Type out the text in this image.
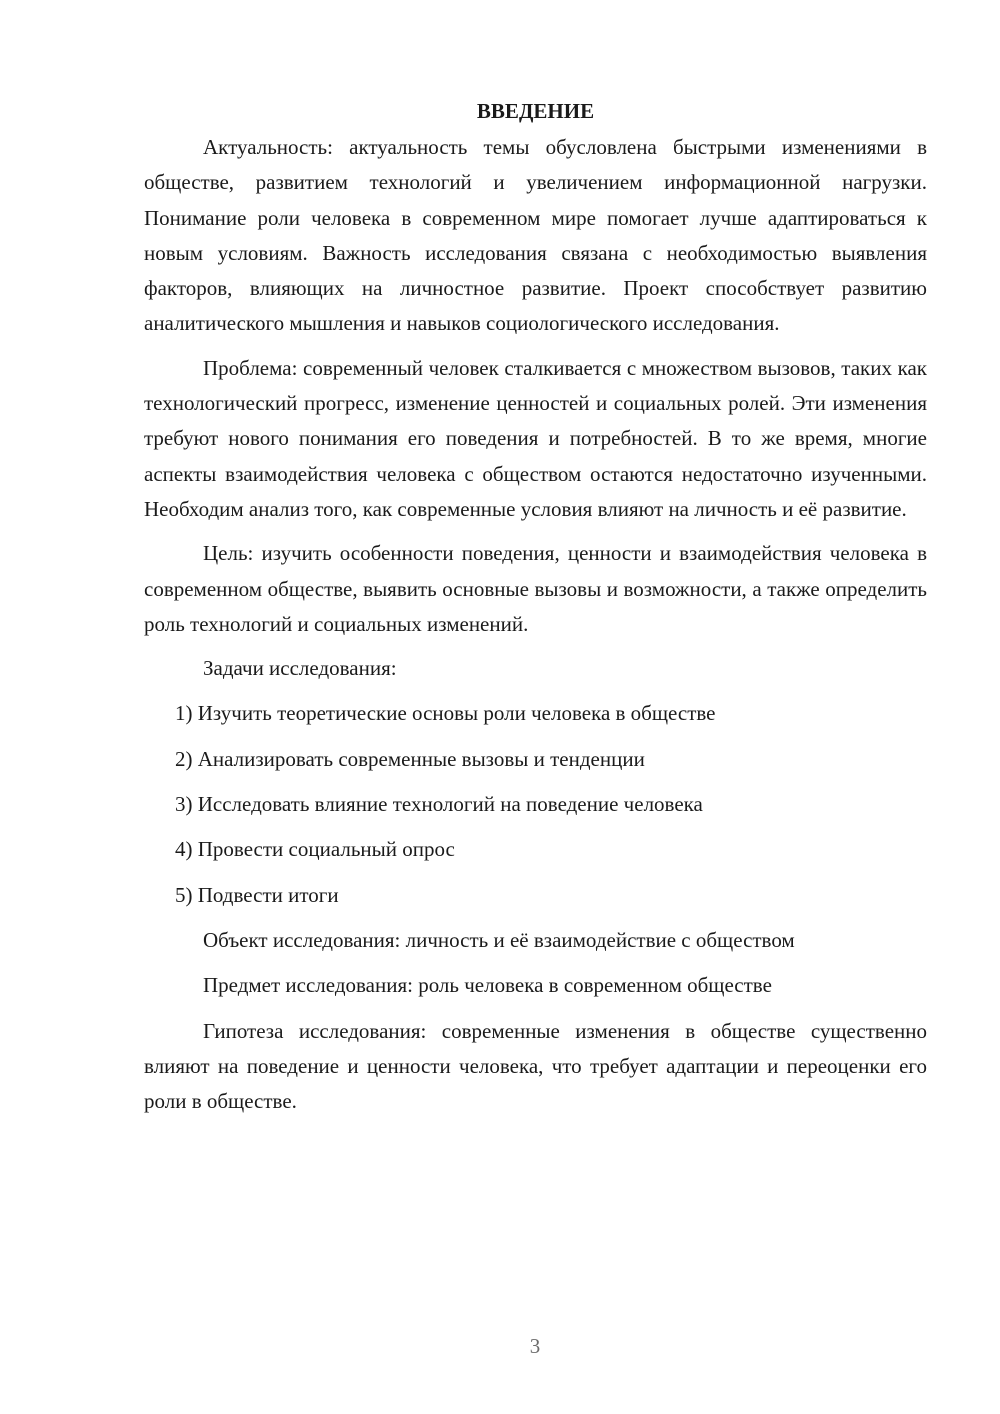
ВВЕДЕНИЕ

Актуальность: актуальность темы обусловлена быстрыми изменениями в обществе, развитием технологий и увеличением информационной нагрузки. Понимание роли человека в современном мире помогает лучше адаптироваться к новым условиям. Важность исследования связана с необходимостью выявления факторов, влияющих на личностное развитие. Проект способствует развитию аналитического мышления и навыков социологического исследования.

Проблема: современный человек сталкивается с множеством вызовов, таких как технологический прогресс, изменение ценностей и социальных ролей. Эти изменения требуют нового понимания его поведения и потребностей. В то же время, многие аспекты взаимодействия человека с обществом остаются недостаточно изученными. Необходим анализ того, как современные условия влияют на личность и её развитие.

Цель: изучить особенности поведения, ценности и взаимодействия человека в современном обществе, выявить основные вызовы и возможности, а также определить роль технологий и социальных изменений.

Задачи исследования:
1) Изучить теоретические основы роли человека в обществе
2) Анализировать современные вызовы и тенденции
3) Исследовать влияние технологий на поведение человека
4) Провести социальный опрос
5) Подвести итоги
Объект исследования: личность и её взаимодействие с обществом
Предмет исследования: роль человека в современном обществе

Гипотеза исследования: современные изменения в обществе существенно влияют на поведение и ценности человека, что требует адаптации и переоценки его роли в обществе.

3
